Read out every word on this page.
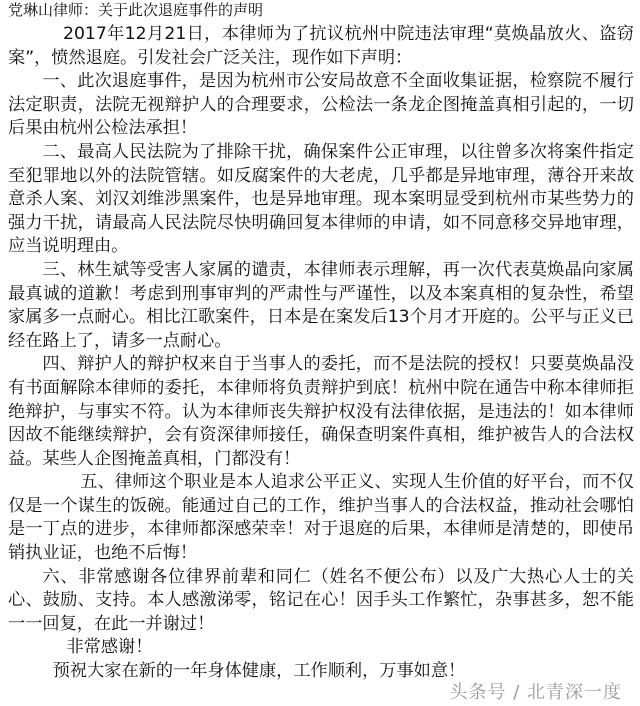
党琳山律师：关于此次退庭事件的声明

2017年12月21日，本律师为了抗议杭州中院违法审理“莫焕晶放火、盗窃案”，愤然退庭。引发社会广泛关注，现作如下声明：

一、此次退庭事件，是因为杭州市公安局故意不全面收集证据，检察院不履行法定职责，法院无视辩护人的合理要求，公检法一条龙企图掩盖真相引起的，一切后果由杭州公检法承担！

二、最高人民法院为了排除干扰，确保案件公正审理，以往曾多次将案件指定至犯罪地以外的法院管辖。如反腐案件的大老虎，几乎都是异地审理，薄谷开来故意杀人案、刘汉刘维涉黑案件，也是异地审理。现本案明显受到杭州市某些势力的强力干扰，请最高人民法院尽快明确回复本律师的申请，如不同意移交异地审理，应当说明理由。

三、林生斌等受害人家属的谴责，本律师表示理解，再一次代表莫焕晶向家属最真诚的道歉！考虑到刑事审判的严肃性与严谨性，以及本案真相的复杂性，希望家属多一点耐心。相比江歌案件，日本是在案发后13个月才开庭的。公平与正义已经在路上了，请多一点耐心。

四、辩护人的辩护权来自于当事人的委托，而不是法院的授权！只要莫焕晶没有书面解除本律师的委托，本律师将负责辩护到底！杭州中院在通告中称本律师拒绝辩护，与事实不符。认为本律师丧失辩护权没有法律依据，是违法的！如本律师因故不能继续辩护，会有资深律师接任，确保查明案件真相，维护被告人的合法权益。某些人企图掩盖真相，门都没有！

五、律师这个职业是本人追求公平正义、实现人生价值的好平台，而不仅仅是一个谋生的饭碗。能通过自己的工作，维护当事人的合法权益，推动社会哪怕是一丁点的进步，本律师都深感荣幸！对于退庭的后果，本律师是清楚的，即使吊销执业证，也绝不后悔！

六、非常感谢各位律界前辈和同仁（姓名不便公布）以及广大热心人士的关心、鼓励、支持。本人感激涕零，铭记在心！因手头工作繁忙，杂事甚多，恕不能一一回复，在此一并谢过！

非常感谢！

预祝大家在新的一年身体健康，工作顺利，万事如意！

头条号 / 北青深一度
